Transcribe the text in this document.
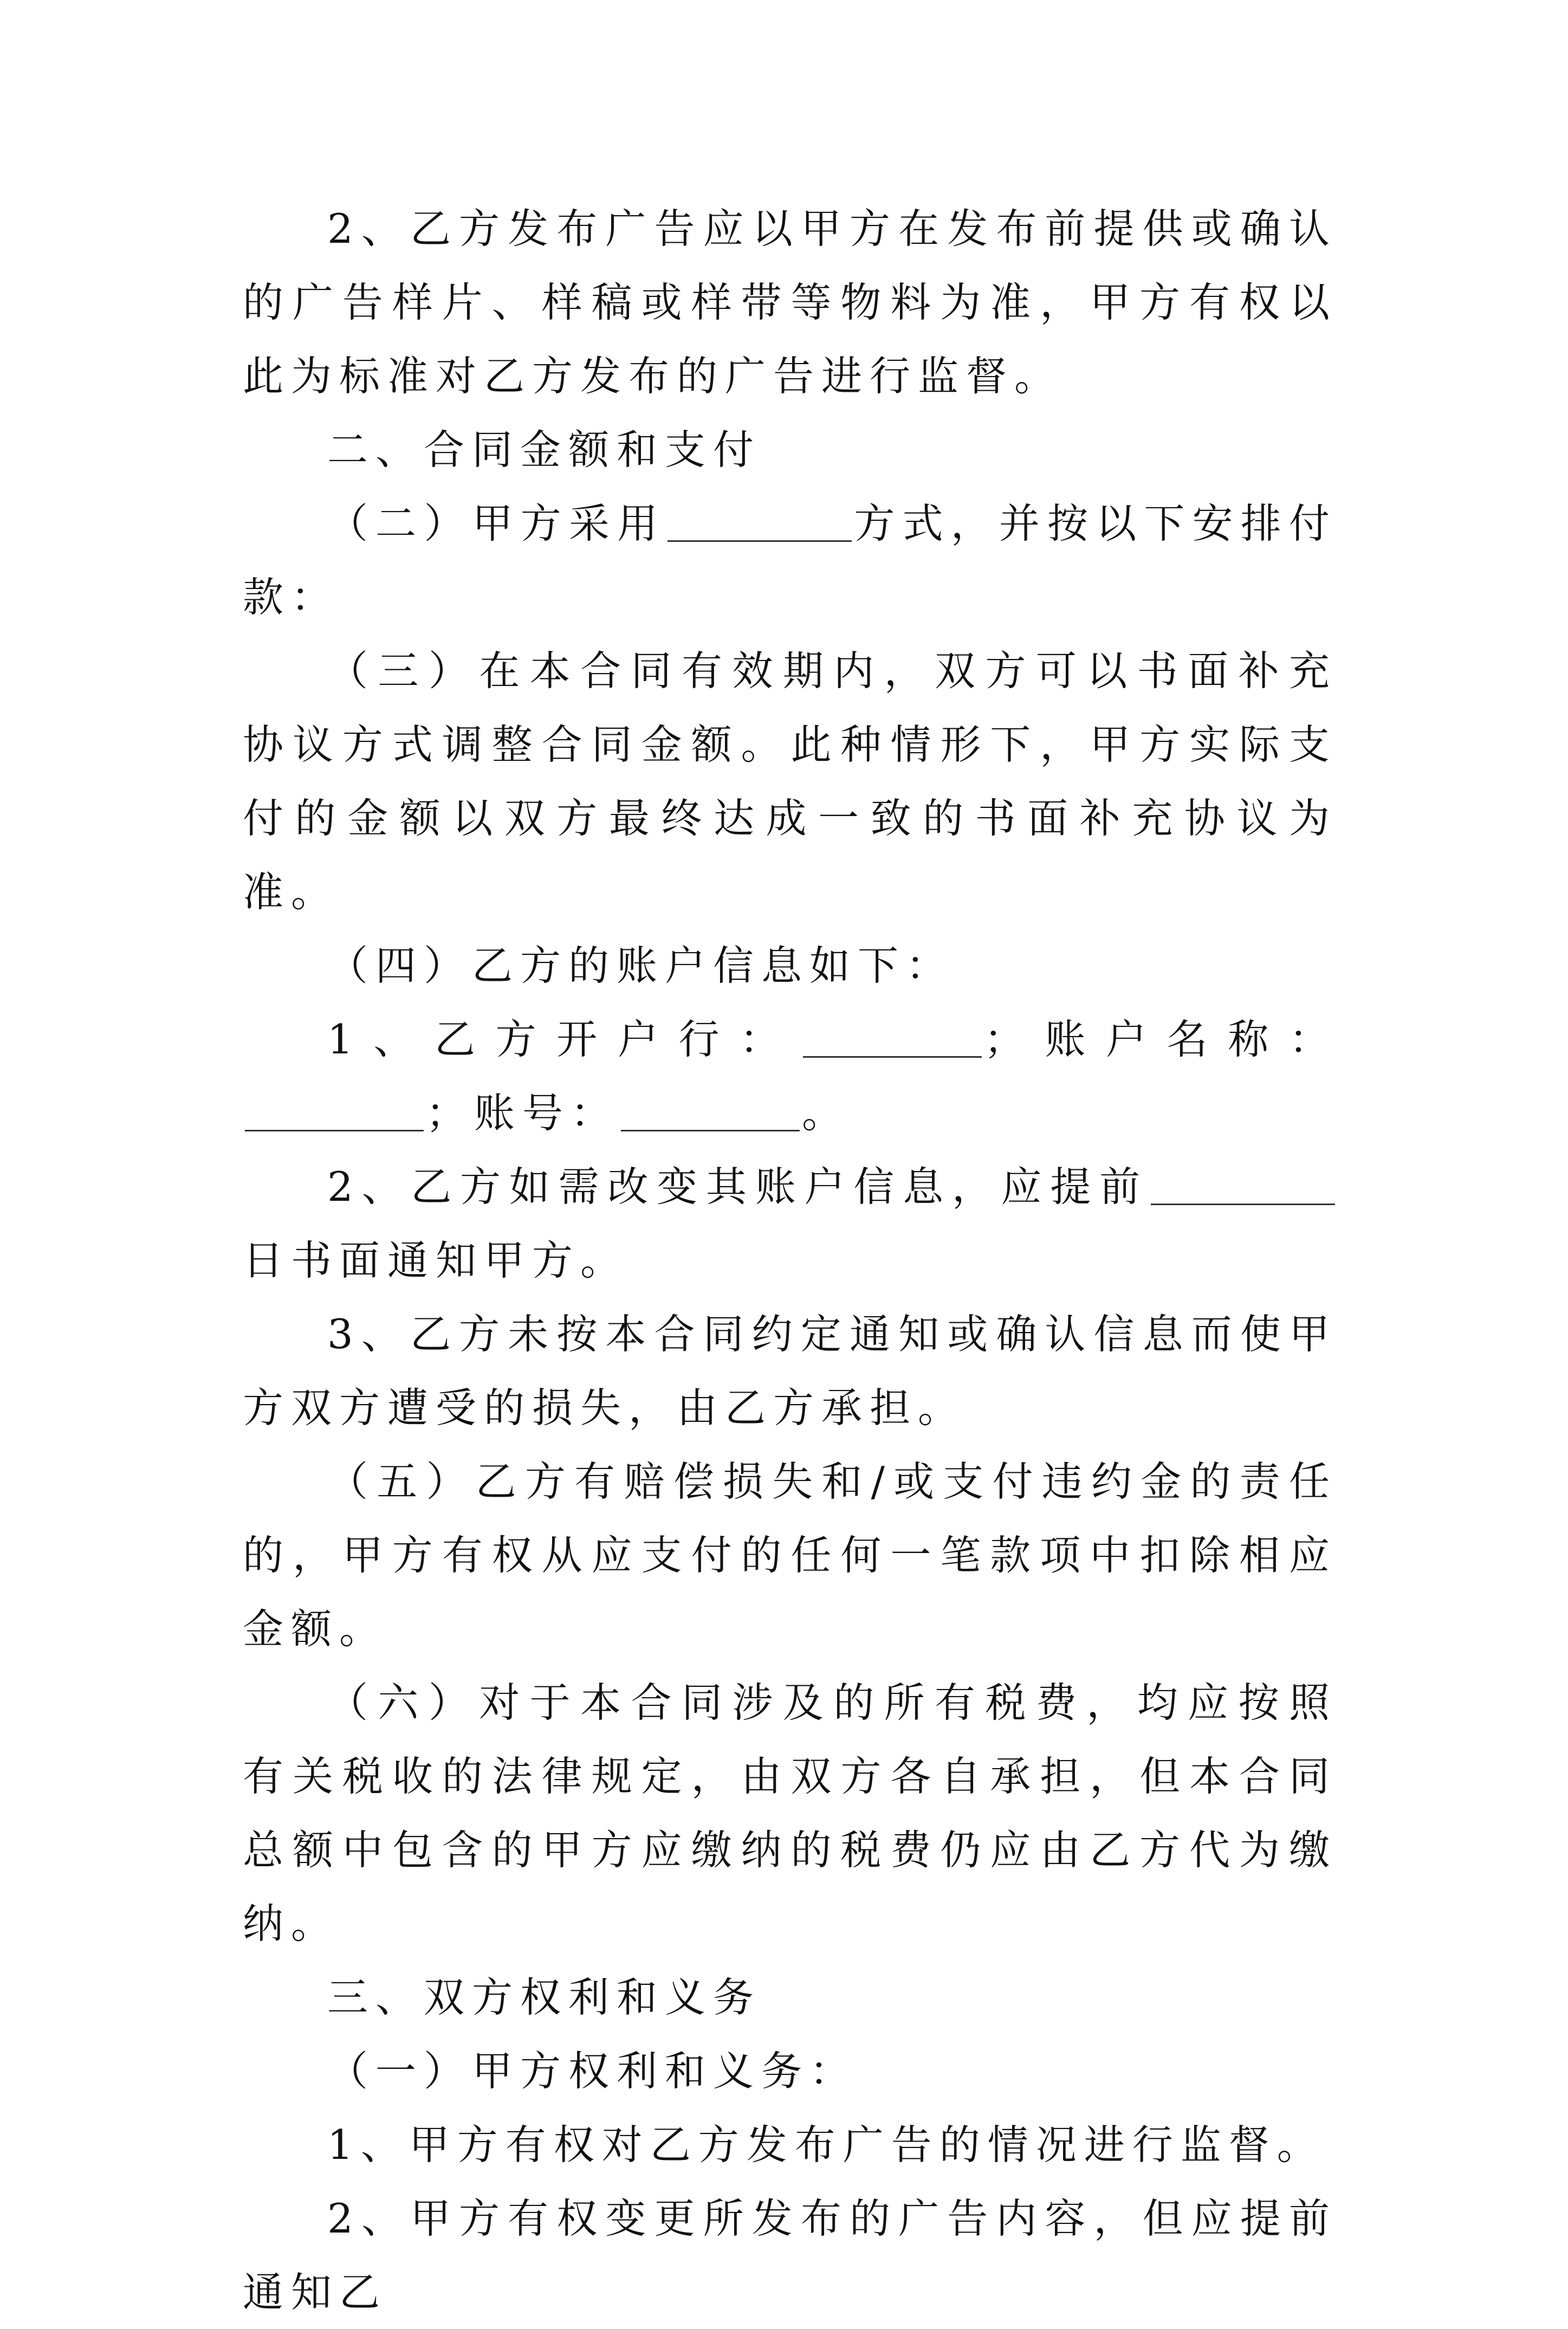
2、乙方发布广告应以甲方在发布前提供或确认的广告样片、样稿或样带等物料为准，甲方有权以此为标准对乙方发布的广告进行监督。

二、合同金额和支付

（二）甲方采用	方式，并按以下安排付款：

（三）在本合同有效期内，双方可以书面补充协议方式调整合同金额。此种情形下，甲方实际支付的金额以双方最终达成一致的书面补充协议为准。

（四）乙方的账户信息如下：

1、乙方开户行：	；账户名称：；账号：	。

2、乙方如需改变其账户信息，应提前日书面通知甲方。

3、乙方未按本合同约定通知或确认信息而使甲方双方遭受的损失，由乙方承担。

（五）乙方有赔偿损失和/或支付违约金的责任的，甲方有权从应支付的任何一笔款项中扣除相应金额。

（六）对于本合同涉及的所有税费，均应按照有关税收的法律规定，由双方各自承担，但本合同总额中包含的甲方应缴纳的税费仍应由乙方代为缴纳。

三、双方权利和义务

（一）甲方权利和义务：

1、甲方有权对乙方发布广告的情况进行监督。

2、甲方有权变更所发布的广告内容，但应提前通知乙
